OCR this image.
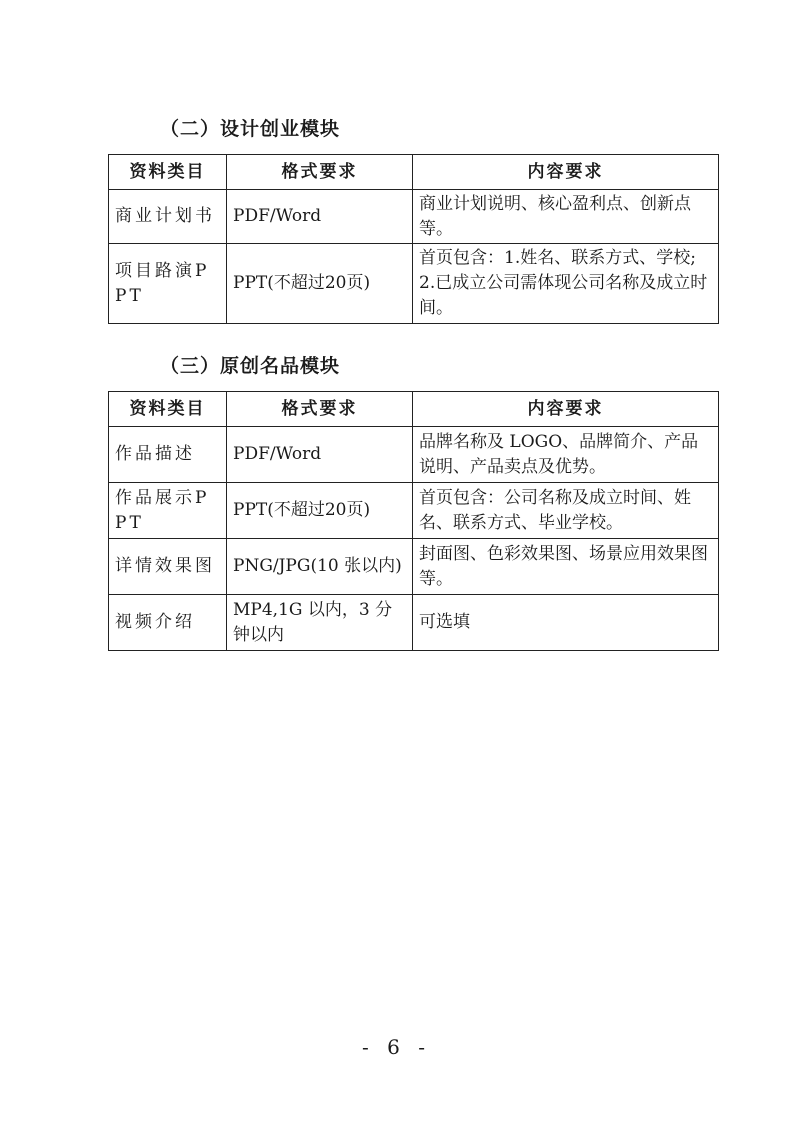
（二）设计创业模块
资料类目	格式要求	内容要求
商业计划书	PDF/Word	商业计划说明、核心盈利点、创新点等。
项目路演PPT	PPT(不超过20页)	首页包含：1.姓名、联系方式、学校;2.已成立公司需体现公司名称及成立时间。
（三）原创名品模块
资料类目	格式要求	内容要求
作品描述	PDF/Word	品牌名称及 LOGO、品牌简介、产品说明、产品卖点及优势。
作品展示PPT	PPT(不超过20页)	首页包含：公司名称及成立时间、姓名、联系方式、毕业学校。
详情效果图	PNG/JPG(10 张以内)	封面图、色彩效果图、场景应用效果图等。
视频介绍	MP4,1G 以内，3 分钟以内	可选填
- 6 -
